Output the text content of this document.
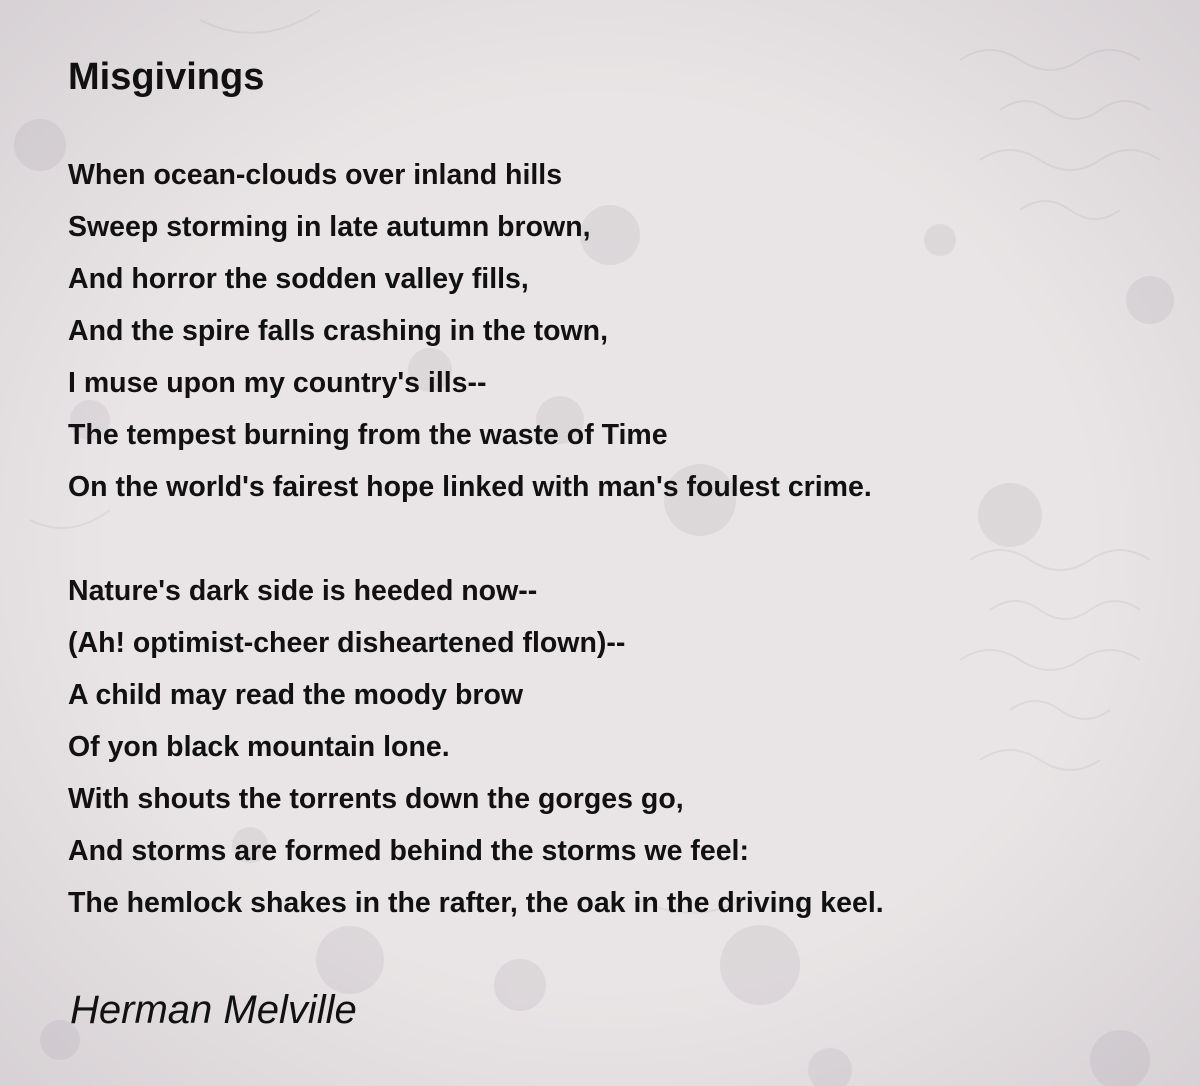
Misgivings
When ocean-clouds over inland hills
Sweep storming in late autumn brown,
And horror the sodden valley fills,
And the spire falls crashing in the town,
I muse upon my country's ills--
The tempest burning from the waste of Time
On the world's fairest hope linked with man's foulest crime.
Nature's dark side is heeded now--
(Ah! optimist-cheer disheartened flown)--
A child may read the moody brow
Of yon black mountain lone.
With shouts the torrents down the gorges go,
And storms are formed behind the storms we feel:
The hemlock shakes in the rafter, the oak in the driving keel.
Herman Melville
